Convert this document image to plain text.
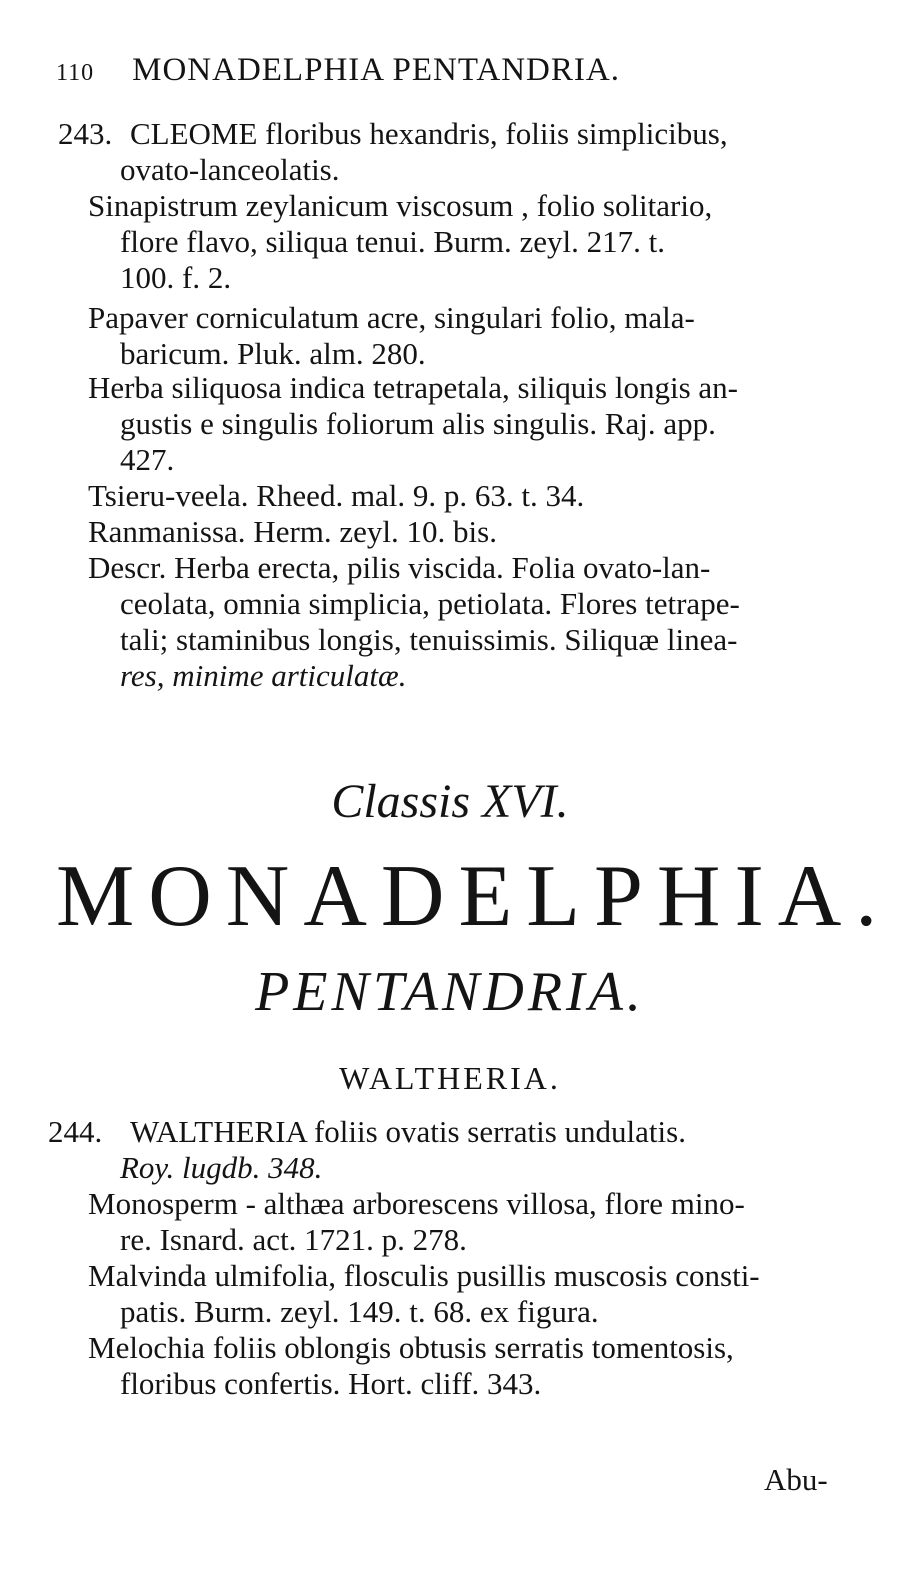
110 MONADELPHIA PENTANDRIA.
243. CLEOME floribus hexandris, foliis simplicibus,
ovato-lanceolatis.
Sinapistrum zeylanicum viscosum , folio solitario,
flore flavo, siliqua tenui. Burm. zeyl. 217. t.
100. f. 2.
Papaver corniculatum acre, singulari folio, mala-
baricum. Pluk. alm. 280.
Herba siliquosa indica tetrapetala, siliquis longis an-
gustis e singulis foliorum alis singulis. Raj. app.
427.
Tsieru-veela. Rheed. mal. 9. p. 63. t. 34.
Ranmanissa. Herm. zeyl. 10. bis.
Descr. Herba erecta, pilis viscida. Folia ovato-lan-
ceolata, omnia simplicia, petiolata. Flores tetrape-
tali; staminibus longis, tenuissimis. Siliquæ linea-
res, minime articulatæ.
Classis XVI.
MONADELPHIA.
PENTANDRIA.
WALTHERIA.
244. WALTHERIA foliis ovatis serratis undulatis.
Roy. lugdb. 348.
Monosperm - althæa arborescens villosa, flore mino-
re. Isnard. act. 1721. p. 278.
Malvinda ulmifolia, flosculis pusillis muscosis consti-
patis. Burm. zeyl. 149. t. 68. ex figura.
Melochia foliis oblongis obtusis serratis tomentosis,
floribus confertis. Hort. cliff. 343.
Abu-
